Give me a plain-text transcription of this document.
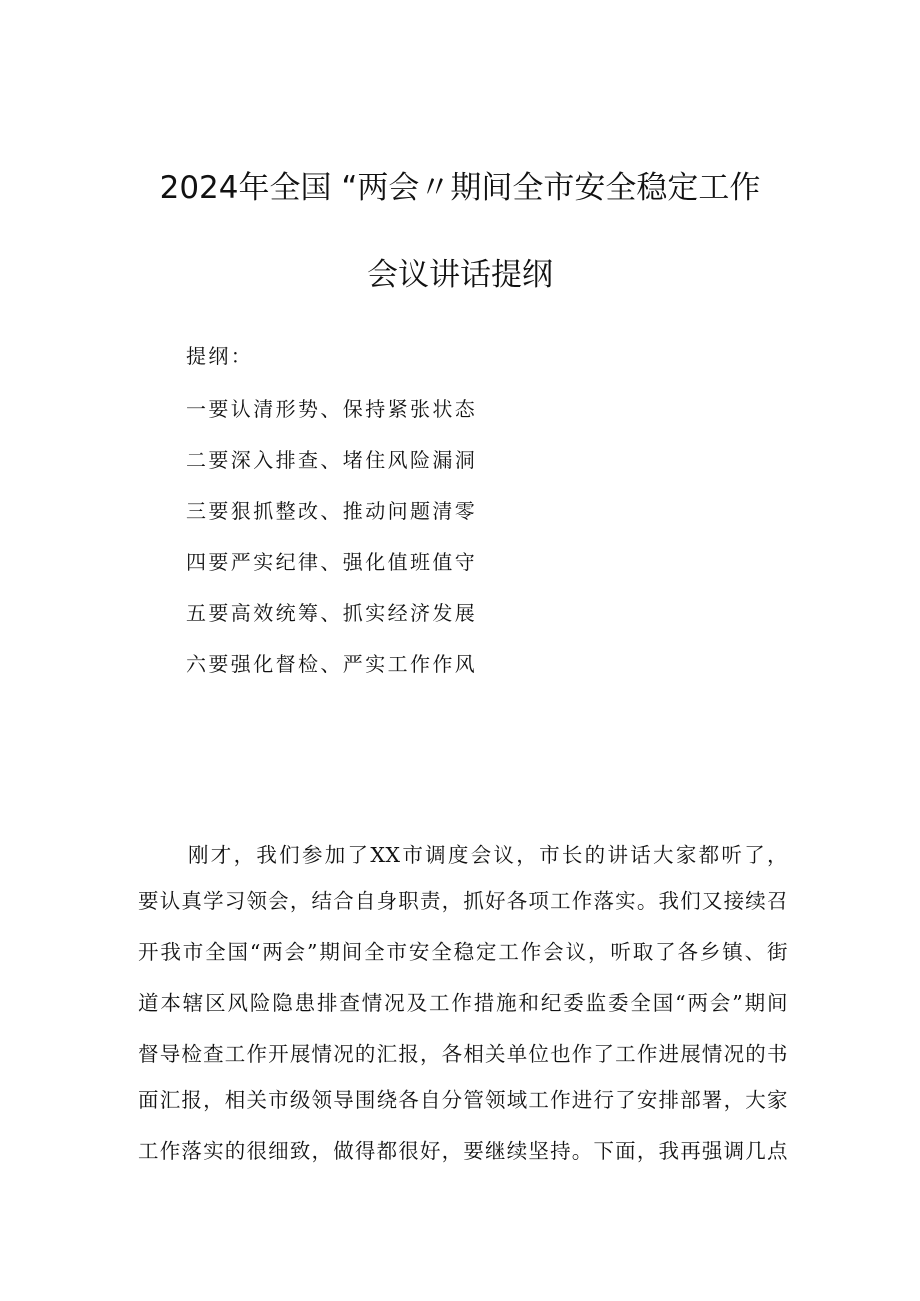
2024年全国 “两会〃期间全市安全稳定工作
会议讲话提纲
提纲：
一要认清形势、保持紧张状态
二要深入排查、堵住风险漏洞
三要狠抓整改、推动问题清零
四要严实纪律、强化值班值守
五要高效统筹、抓实经济发展
六要强化督检、严实工作作风
刚才，我们参加了XX市调度会议，市长的讲话大家都听了，
要认真学习领会，结合自身职责，抓好各项工作落实。我们又接续召
开我市全国“两会”期间全市安全稳定工作会议，听取了各乡镇、街
道本辖区风险隐患排查情况及工作措施和纪委监委全国“两会”期间
督导检查工作开展情况的汇报，各相关单位也作了工作进展情况的书
面汇报，相关市级领导围绕各自分管领域工作进行了安排部署，大家
工作落实的很细致，做得都很好，要继续坚持。下面，我再强调几点
